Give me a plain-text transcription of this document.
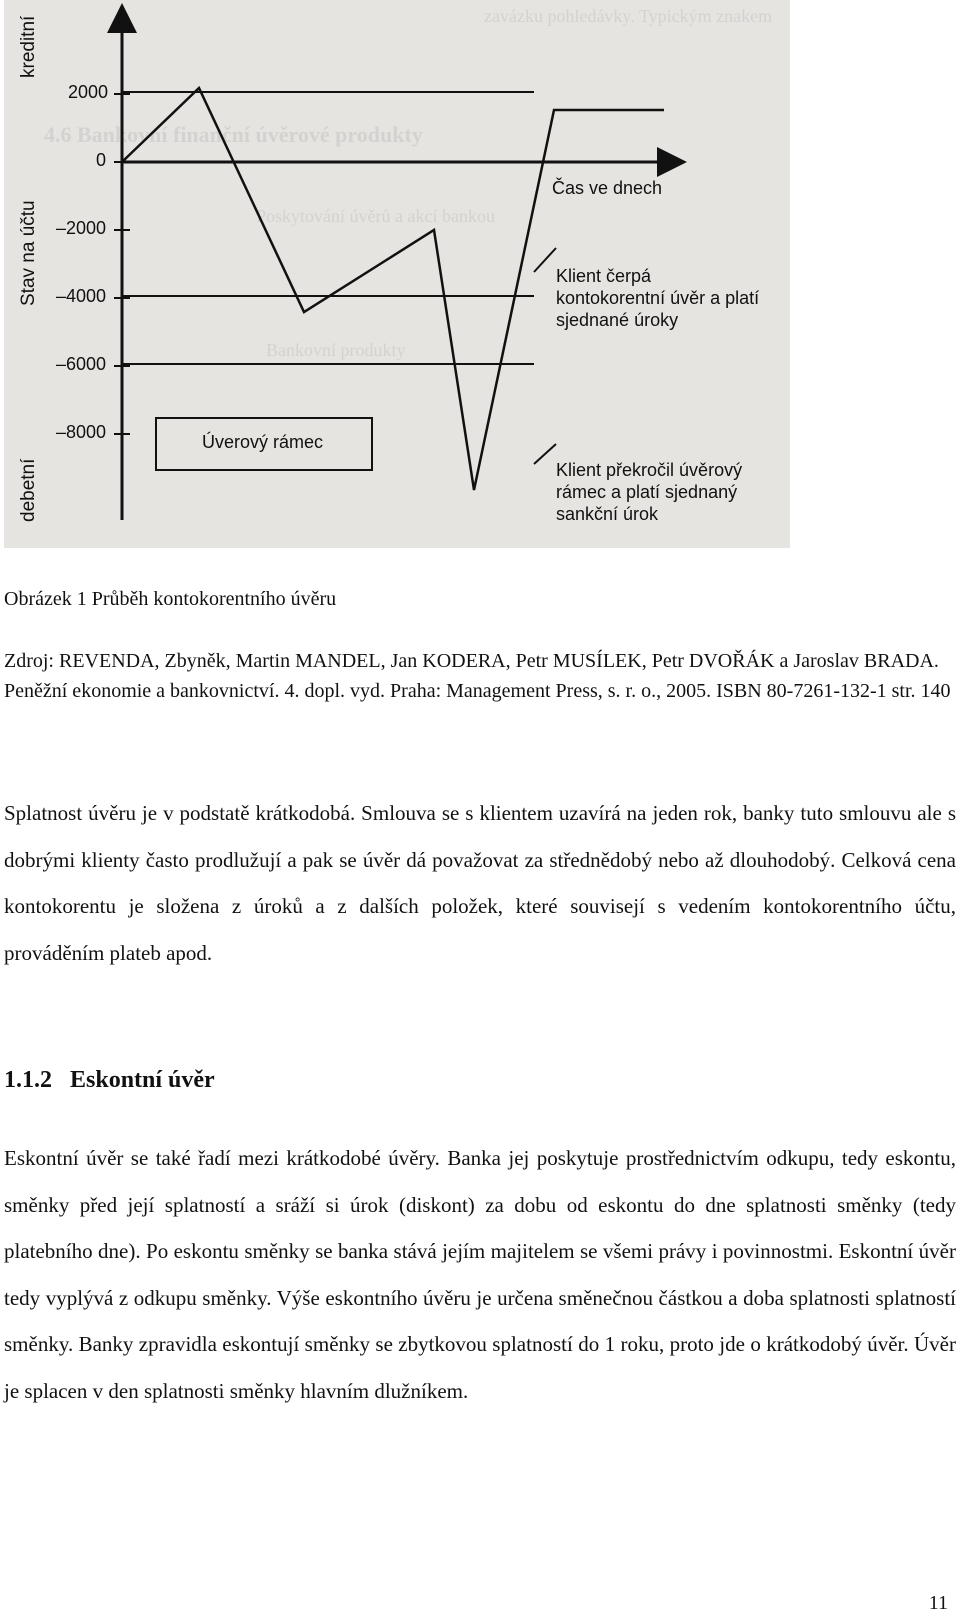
zavázku pohledávky. Typickým znakem
4.6 Bankovní finanční úvěrové produkty
Poskytování úvěrů a akcí bankou
Bankovní produkty
2000
0
–2000
–4000
–6000
–8000
kreditní
Stav na účtu
debetní
Úverový rámec
Čas ve dnech
Klient čerpá
kontokorentní úvěr a platí
sjednané úroky
Klient překročil úvěrový
rámec a platí sjednaný
sankční úrok
Obrázek 1 Průběh kontokorentního úvěru
Zdroj: REVENDA, Zbyněk, Martin MANDEL, Jan KODERA, Petr MUSÍLEK, Petr DVOŘÁK a Jaroslav BRADA. Peněžní ekonomie a bankovnictví. 4. dopl. vyd. Praha: Management Press, s. r. o., 2005. ISBN 80-7261-132-1 str. 140
Splatnost úvěru je v podstatě krátkodobá. Smlouva se s klientem uzavírá na jeden rok, banky tuto smlouvu ale s dobrými klienty často prodlužují a pak se úvěr dá považovat za střednědobý nebo až dlouhodobý. Celková cena kontokorentu je složena z úroků a z dalších položek, které souvisejí s vedením kontokorentního účtu, prováděním plateb apod.
1.1.2 Eskontní úvěr
Eskontní úvěr se také řadí mezi krátkodobé úvěry. Banka jej poskytuje prostřednictvím odkupu, tedy eskontu, směnky před její splatností a sráží si úrok (diskont) za dobu od eskontu do dne splatnosti směnky (tedy platebního dne). Po eskontu směnky se banka stává jejím majitelem se všemi právy i povinnostmi. Eskontní úvěr tedy vyplývá z odkupu směnky. Výše eskontního úvěru je určena směnečnou částkou a doba splatnosti splatností směnky. Banky zpravidla eskontují směnky se zbytkovou splatností do 1 roku, proto jde o krátkodobý úvěr. Úvěr je splacen v den splatnosti směnky hlavním dlužníkem.
11
